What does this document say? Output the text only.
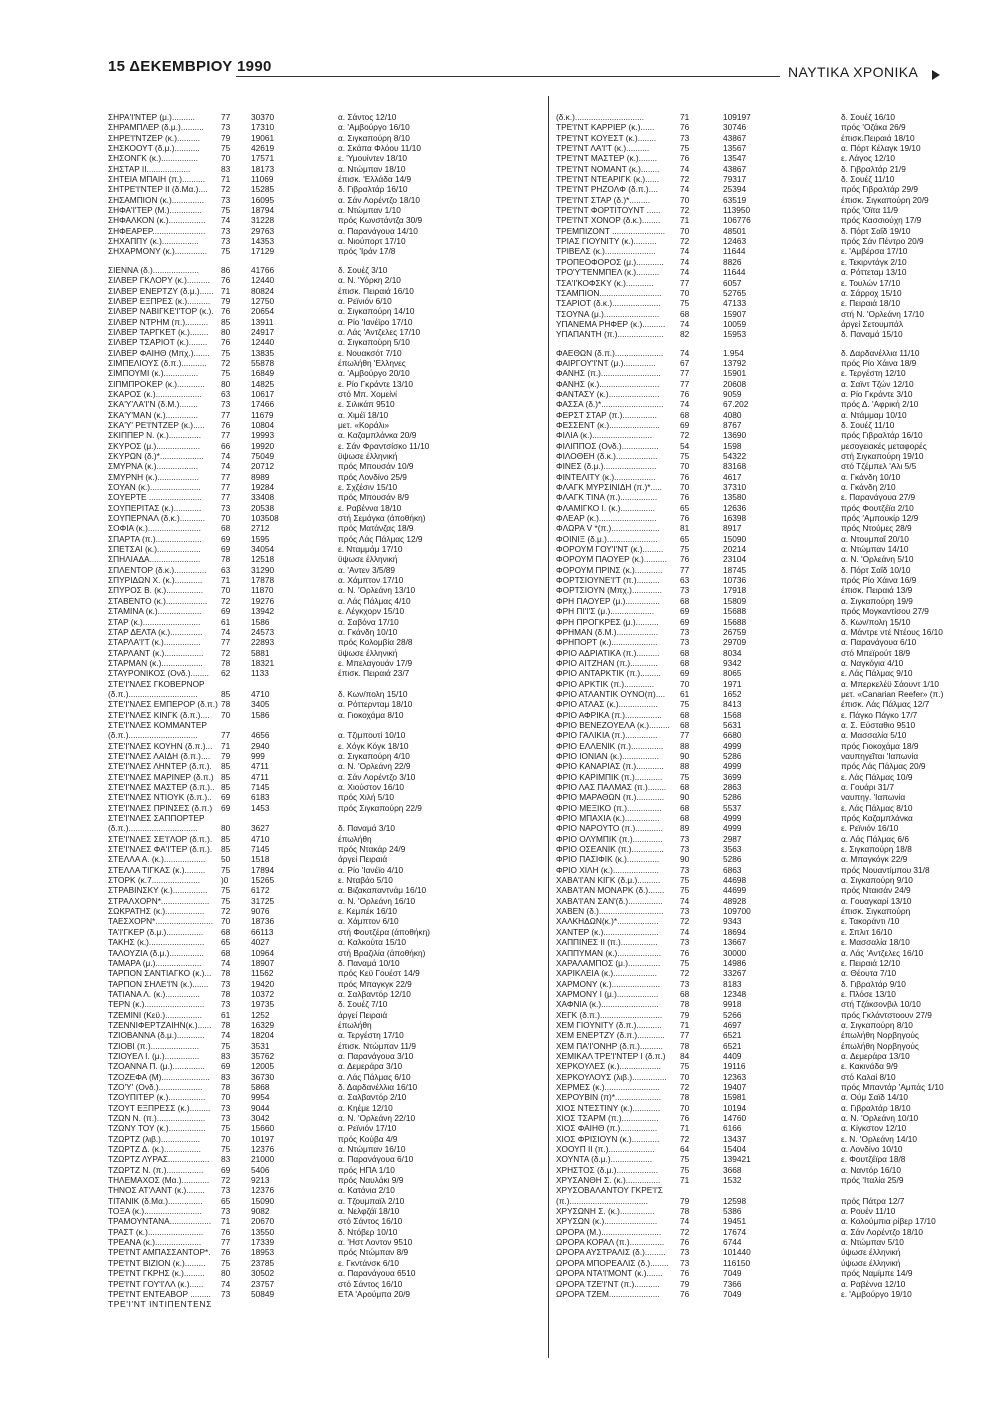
15 ΔΕΚΕΜΒΡΙΟΥ 1990	ΝΑΥΤΙΚΑ ΧΡΟΝΙΚΑ
ΣΗΡΑ'Ι'ΝΤΕΡ (μ.)..........	77	30370	α. Σάντος 12/10
ΣΗΡΑΜΠΛΕΡ (δ.μ.).......... 73	17310	α. 'Αμβούργο 16/10
ΣΗΡΕ'Ι'ΝΤΖΕΡ (κ.)..........	79	19061	α. Σιγκαπούρη 8/10
ΣΗΣΚΟΟΥΤ (δ.μ.)...........	75	42619	α. Σκάπα Φλόου 11/10
ΣΗΣΟΝΓΚ (κ.)................	70	17571	ε. 'Υμουίντεν 18/10
ΣΗΣΤΑΡ ΙΙ...................	83	18173	α. Ντώμπαν 18/10
ΣΗΤΕΙΑ ΜΠΑΙΗ (π.).......... 71	11069	έπισκ. 'Ελλάδα 14/9
ΣΗΤΡΕ'Ι'ΝΤΕΡ ΙΙ (δ.Μα.).... 72	15285	δ. Γιβραλτάρ 16/10
ΣΗΣΑΜΠΙΟΝ (κ.).............. 73	16095	α. Σάν Λορέντζο 18/10
ΣΗΦΑ'Ι'ΤΕΡ (Μ.).............. 75	18794	α. Ντώμπαν 1/10
ΣΗΦΑΛΚΟΝ (κ.)................ 74	31228	πρός Κωνστάντζα 30/9
ΣΗΦΕΑΡΕΡ....................... 73	29763	α. Παρανάγουα 14/10
ΣΗΧΑΠΠΥ (κ.)................	73	14353	α. Νιούπορτ 17/10
ΣΗΧΑΡΜΟΝΥ (κ.).............. 75	17129	πρός 'Ιράν 17/8
ΣΙΕΝΝΑ (δ.)....................	86	41766	δ. Σουέζ 3/10
ΣΙΛΒΕΡ ΓΚΛΟΡΥ (κ.).......... 76	12440	α. Ν. 'Υόρκη 2/10
ΣΙΛΒΕΡ ΕΝΕΡΤΖΥ (δ.μ.)...... 71	80824	έπισκ. Πειραιά 16/10
ΣΙΛΒΕΡ ΕΞΠΡΕΣ (κ.).......... 79	12750	α. Ρεϊνιόν 6/10
ΣΙΛΒΕΡ ΝΑΒΙΓΚΕ'Ι'ΤΟΡ (κ.). 76	20654	α. Σιγκαπούρη 14/10
ΣΙΛΒΕΡ ΝΤΡΗΜ (π.).......... 85	13911	α. Ρίο 'Ιανέϊρο 17/10
ΣΙΛΒΕΡ ΤΑΡΓΚΕΤ (κ.)........ 80	24917	α. Λάς 'Αντζελες 17/10
ΣΙΛΒΕΡ ΤΣΑΡΙΟΤ (κ.)........ 76	12440	α. Σιγκαπούρη 5/10
ΣΙΛΒΕΡ ΦΑΙΗΘ (Μπχ.)....... 75	13835	ε. Νουακσότ 7/10
ΣΙΜΠΕΛΙΟΥΣ (δ.π.)........... 72	55878	έπωλήθη 'Ελληνες
ΣΙΜΠΟΥΜΙ (κ.)...............	75	16849	α. 'Αμβούργο 20/10
ΣΙΠΜΠΡΟΚΕΡ (κ.)............ 80	14825	ε. Ρίο Γκράντε 13/10
ΣΚΑΡΟΣ (κ.).................... 63	10617	στό Μπ. Χομείνί
ΣΚΑ'Υ'ΛΑ'Ι'Ν (δ.Μ.)........	73	17466	ε. Σιλικάπ 9510
ΣΚΑ'Υ'ΜΑΝ (κ.)..............	77	11679	α. Χιμέϊ 18/10
ΣΚΑ'Υ' ΡΕ'Ι'ΝΤΖΕΡ (κ.)..... 76	10804	μετ. «Κοράλι»
ΣΚΙΠΠΕΡ Ν. (κ.).............. 77	19993	α. Καζαμπλάνκα 20/9
ΣΚΥΡΟΣ (μ.)...................	66	19920	ε. Σάν Φραντσίσκο 11/10
ΣΚΥΡΩΝ (δ.)*................... 74	75049	ϋψωσε έλληνική
ΣΜΥΡΝΑ (κ.)..................	74	20712	πρός Μπουσάν 10/9
ΣΜΥΡΝΗ (κ.)..................	77	8989	πρός Λονδίνο 25/9
ΣΟΥΑΝ (κ.)...................... 77	19284	ε. Σχζέσιν 15/10
ΣΟΥΕΡΤΕ ....................... 77	33408	πρός Μπουσάν 8/9
ΣΟΥΠΕΡΙΤΑΣ (κ.)............ 73	20538	ε. Ραβέννα 18/10
ΣΟΥΠΕΡΝΑΛ (δ.κ.)........... 70	103508	στή Σεμάγκα (άποθήκη)
ΣΟΦΙΑ (κ.)....................... 68	2712	πρός Ματάνζας 18/9
ΣΠΑΡΤΑ (π.).................... 69	1595	πρός Λάς Πάλμας 12/9
ΣΠΕΤΣΑΙ (κ.)................... 69	34054	ε. Νταμμάμ 17/10
ΣΠΗΛΙΑΔΑ...................... 78	12518	ϋψωσε έλληνική
ΣΠΛΕΝΤΟΡ (δ.κ.).............. 63	31290	α. 'Αντεν 3/5/89
ΣΠΥΡΙΔΩΝ Χ. (κ.)............ 71	17878	α. Χάμπτον 17/10
ΣΠΥΡΟΣ Β. (κ.)................ 70	11870	α. Ν. 'Ορλεάνη 13/10
ΣΤΑΒΕΝΤΟ (κ.).................. 72	19276	α. Λάς Πάλμας 4/10
ΣΤΑΜΙΝΑ (κ.)................... 69	13942	ε. Λέγκχορν 15/10
ΣΤΑΡ (κ.)......................... 61	1586	α. Σαβόνα 17/10
ΣΤΑΡ ΔΕΛΤΑ (κ.).............. 74	24573	α. Γκάνδη 10/10
ΣΤΑΡΛΑ'Ι'Τ (κ.)................ 77	22893	πρός Κολομβία 28/8
ΣΤΑΡΛΑΝΤ (κ.)................. 72	5881	ϋψωσε έλληνική
ΣΤΑΡΜΑΝ (κ.).................. 78	18321	ε. Μπελαγουάν 17/9
ΣΤΑΥΡΟΝΙΚΟΣ (Ονδ.)........ 62	1133	έπισκ. Πειραιά 23/7
ΣΤΕ'Ι'ΝΛΕΣ ΓΚΟΒΕΡΝΟΡ
(δ.π.)..............................	85	4710	δ. Κων/πολη 15/10
ΣΤΕ'Ι'ΝΛΕΣ ΕΜΠΕΡΟΡ (δ.π.) 78	3405	α. Ρόττερνταμ 18/10
ΣΤΕ'Ι'ΝΛΕΣ ΚΙΝΓΚ (δ.π.).... 70	1586	α. Γιοκοχάμα 8/10
ΣΤΕ'Ι'ΝΛΕΣ ΚΟΜΜΑΝΤΕΡ
(δ.π.)..............................	77	4656	α. Τζιμπουτί 10/10
ΣΤΕ'Ι'ΝΛΕΣ ΚΟΥΗΝ (δ.π.)... 71	2940	ε. Χόγκ Κόγκ 18/10
ΣΤΕ'Ι'ΝΛΕΣ ΛΑΙΔΗ (δ.π.).... 79	999	α. Σιγκαπούρη 4/10
ΣΤΕ'Ι'ΝΛΕΣ ΛΗΝΤΕΡ (δ.π.). 85	4711	α. Ν. 'Ορλεάνη 22/9
ΣΤΕ'Ι'ΝΛΕΣ ΜΑΡΙΝΕΡ (δ.π.) 85	4711	α. Σάν Λορέντζο 3/10
ΣΤΕ'Ι'ΝΛΕΣ ΜΑΣΤΕΡ (δ.π.).. 85	7145	α. Χιούστον 16/10
ΣΤΕ'Ι'ΝΛΕΣ ΝΤΙΟΥΚ (δ.π.).. 69	6183	πρός Χιλή 5/10
ΣΤΕ'Ι'ΝΛΕΣ ΠΡΙΝΣΕΣ (δ.π.) 69	1453	πρός Σιγκαπούρη 22/9
ΣΤΕ'Ι'ΝΛΕΣ ΣΑΠΠΟΡΤΕΡ
(δ.π.)..............................	80	3627	δ. Παναμά 3/10
ΣΤΕ'Ι'ΝΛΕΣ ΣΕ'Ι'ΛΟΡ (δ.π.). 85	4710	έπωλήθη
ΣΤΕ'Ι'ΝΛΕΣ ΦΑ'Ι'ΤΕΡ (δ.π.). 85	7145	πρός Ντακάρ 24/9
ΣΤΕΛΛΑ Α. (κ.).................. 50	1518	άργεί Πειραιά
ΣΤΕΛΛΑ ΤΙΓΚΑΣ (κ.)......... 75	17894	α. Ρίο 'Ιανέϊο 4/10
ΣΤΟΡΚ (κ.7.....................	)0	15265	ε. Νταβάο 5/10
ΣΤΡΑΒΙΝΣΚΥ (κ.)............... 75	6172	α. Βιζακαπαντνάμ 16/10
ΣΤΡΑΛΧΟΡΝ*..................... 75	31725	α. Ν. 'Ορλεάνη 16/10
ΣΩΚΡΑΤΗΣ (κ.)................. 72	9076	ε. Κεμπέκ 16/10
ΤΑΕΣΧΟΡΝ*......................... 70	18736	α. Χάμπτον 6/10
ΤΑ'Ι'ΓΚΕΡ (δ.μ.)................ 68	66113	στή Φουτζέρα (άποθήκη)
ΤΑΚΗΣ (κ.)........................ 65	4027	α. Καλκούτα 15/10
ΤΑΛΟΥΖΙΑ (δ.μ.)............... 68	10964	στή Βραζιλία (άποθήκη)
ΤΑΜΑΡΑ (μ.).................... 74	18907	δ. Παναμά 10/10
ΤΑΡΠΟΝ ΣΑΝΤΙΑΓΚΟ (κ.)... 78	11562	πρός Κεϋ Γουέστ 14/9
ΤΑΡΠΟΝ ΣΗΛΕ'Ι'Ν (κ.)....... 73	19420	πρός Μπαγκγκ 22/9
ΤΑΤΙΑΝΑ Λ. (κ.)...............	78	10372	α. Σαλβαντόρ 12/10
ΤΕΡΝ (κ.).......................... 73	19735	δ. Σουέζ 7/10
ΤΖΕΜΙΝΙ (Κεϋ.)................ 61	1252	άργεί Πειραιά
ΤΖΕΝΝΙΦΕΡΤΖΑΙΗΝ(κ.)...... 78	16329	έπωλήθη
ΤΖΙΟΒΑΝΝΑ (δ.μ.)............ 74	18204	α. Τεργέστη 17/10
ΤΖΙΟΒΙ (π.).....................	75	3531	έπισκ. Ντώμπαν 11/9
ΤΖΙΟΥΕΛ Ι. (μ.)...............	83	35762	α. Παρανάγουα 3/10
ΤΖΟΑΝΝΑ Π. (μ.).............. 69	12005	α. Δεμεράρα 3/10
ΤΖΟΖΕΦΑ (Μ)..................... 83	36730	α. Λάς Πάλμας 6/10
ΤΖΟ'Υ' (Ονδ.)................... 78	5868	δ. Δαρδανέλλια 16/10
ΤΖΟΥΠΙΤΕΡ (κ.)................ 70	9954	α. Σαλβαντόρ 2/10
ΤΖΟΥΤ ΕΞΠΡΕΣΣ (κ.)......... 73	9044	α. Κηέμε 12/10
ΤΖΩΝ Ν. (π.)..................... 73	3042	α. Ν. 'Ορλεάνη 22/10
ΤΖΩΝΥ ΤΟΥ (κ.)................ 75	15660	α. Ρεϊνιόν 17/10
ΤΖΩΡΤΖ (λιβ.).................	70	10197	πρός Κούβα 4/9
ΤΖΩΡΤΖ Δ. (κ.)................ 75	12376	α. Ντώμπαν 16/10
ΤΖΩΡΤΖ ΛΥΡΑΣ.................. 83	21000	α. Παρανάγουα 6/10
ΤΖΩΡΤΖ Ν. (π.)................ 69	5406	πρός ΗΠΑ 1/10
ΤΗΛΕΜΑΧΟΣ (Μα.)............ 72	9213	πρός Ναυλάκι 9/9
ΤΗΝΟΣ ΑΤ'ΛΑΝΤ (κ.)........ 73	12376	α. Κατάνια 2/10
ΤΙΤΑΝΙΚ (δ.Μα.)............... 65	15090	α. Τζουμπαϊλ 2/10
ΤΟΞΑ (κ.)......................... 73	9082	α. Νελφζάϊ 18/10
ΤΡΑΜΟΥΝΤΑΝΑ.................. 71	20670	στό Σάντος 16/10
ΤΡΑΣΤ (κ.)........................ 76	13550	δ. Ντόβερ 10/10
ΤΡΕΑΝΑ (κ.).................... 77	17339	α. 'Ηστ Λοντον 9510
ΤΡΕ'Ι'ΝΤ ΑΜΠΑΣΣΑΝΤΟΡ*. 76	18953	πρός Ντώμπαν 8/9
ΤΡΕ'Ι'ΝΤ ΒΙΖΙΟΝ (κ.)......... 75	23785	ε. Γκντάνσκ 6/10
ΤΡΕ'Ι'ΝΤ ΓΚΡΗΣ (κ.)......... 80	30502	α. Παρανάγουα 6510
ΤΡΕ'Ι'ΝΤ ΓΟΥ'Ι'ΛΛ (κ.)...... 74	23757	στό Σάντος 16/10
ΤΡΕ'Ι'ΝΤ ΕΝΤΕΑΒΟΡ ......... 73	50849	ΕΤΑ 'Αρούμπα 20/9
ΤΡΕ'Ι'ΝΤ ΙΝΤΙΠΕΝΤΕΝΣ
(δ.κ.)..............................	71	109197	δ. Σουέζ 16/10
ΤΡΕ'Ι'ΝΤ ΚΑΡΡΙΕΡ (κ.)......	76	30746	πρός 'Οζάκα 26/9
ΤΡΕ'Ι'ΝΤ ΚΟΥΕΣΤ (κ.)........	73	43867	έπισκ.Πειραιά 18/10
ΤΡΕ'Ι'ΝΤ ΛΑ'Ι'Τ (κ.)..........	75	13567	α. Πόρτ Κέλαγκ 19/10
ΤΡΕ'Ι'ΝΤ ΜΑΣΤΕΡ (κ.)........	76	13547	ε. Λάγος 12/10
ΤΡΕ'Ι'ΝΤ ΝΟΜΑΝΤ (κ.)........ 74	43867	δ. Γιβραλτάρ 21/9
ΤΡΕ'Ι'ΝΤ ΝΤΕΑΡΙΓΚ (κ.)......	72	79317	δ. Σουέζ 11/10
ΤΡΕ'Ι'ΝΤ ΡΗΖΟΛΦ (δ.π.)....	74	25394	πρός Γιβραλτάρ 29/9
ΤΡΕ'Ι'ΝΤ ΣΤΑΡ (δ.)*.........	70	63519	έπισκ. Σιγκαπούρη 20/9
ΤΡΕ'Ι'ΝΤ ΦΟΡΤΙΤΟΥΝΤ ...... 72	113950	πρός 'Οϊτα 11/9
ΤΡΕ'Ι'ΝΤ ΧΟΝΟΡ (δ.κ.)........ 71	106776	πρός Κασσιούχη 17/9
ΤΡΕΜΠΙΖΟΝΤ ....................... 70	48501	δ. Πόρτ Σαΐδ 19/10
ΤΡΙΑΣ ΓΙΟΥΝΙΤΥ (κ.)..........	72	12463	πρός Σάν Πέντρο 20/9
ΤΡΙΒΕΛΣ (κ.)......................	74	11644	ε. 'Αμβέρσα 17/10
ΤΡΟΠΕΟΦΟΡΟΣ (μ.)............ 74	8826	ε. Τεκιρντάγκ 2/10
ΤΡΟ'Υ'ΤΕΝΜΠΕΛ (κ.)..........	74	11644	α. Ρόττεταμ 13/10
ΤΣΑ'Ι'ΚΟΦΣΚΥ (κ.)............	77	6057	ε. Τουλών 17/10
ΤΣΑΜΠΙΟΝ........................... 70	52765	α. Σάρροχ 15/10
ΤΣΑΡΙΟΤ (δ.κ.)..................... 75	47133	ε. Πειραιά 18/10
ΤΣΟΥΝΑ (μ.)........................	68	15907	στή Ν. 'Ορλεάνη 17/10
ΥΠΑΝΕΜΑ ΡΗΦΕΡ (κ.).......... 74	10059	άργεί Σετουμπάλ
ΥΠΑΠΑΝΤΗ (π.).................... 82	15953	δ. Παναμά 15/10
ΦΑΕΘΩΝ (δ.π.)..................... 74	1.954	δ. Δαρδανέλλια 11/10
ΦΑΙΡΓΟΥ'Ι'ΝΤ (μ.)..............	67	13792	πρός Ρίο Χάινα 18/9
ΦΑΝΗΣ (π.).......................... 77	15901	ε. Τεργέστη 12/10
ΦΑΝΗΣ (κ.)..........................	77	20608	α. Σαϊντ Τζών 12/10
ΦΑΝΤΑΣΥ (κ.)...................... 76	9059	α. Ρίο Γκράντε 3/10
ΦΑΣΣΑ (δ.)*........................... 74	67.202	πρός Δ. 'Αφρική 2/10
ΦΕΡΣΤ ΣΤΑΡ (π.)...............	68	4080	α. Ντάμμαμ 10/10
ΦΕΣΣΕΝΤ (κ.)...................... 69	8767	δ. Σουέζ 11/10
ΦΙΛΙΑ (κ.)..........................	72	13690	πρός Γιβραλτάρ 16/10
ΦΙΛΙΠΠΟΣ (Ονδ.)................	54	1598	μεσογειακές μεταφορές
ΦΙΛΟΘΕΗ (δ.κ.)..................	75	54322	στή Σιγκαπούρη 19/10
ΦΙΝΕΣ (δ.μ.).......................	70	83168	στό Τζέμπελ 'Αλι 5/5
ΦΙΝΤΕΛΙΤΥ (κ.)..................	76	4617	α. Γκάνδη 10/10
ΦΛΑΓΚ ΜΥΡΣΙΝΙΔΗ (π.)*..... 70	37310	α. Γκάνδη 2/10
ΦΛΑΓΚ ΤΙΝΑ (π.)................	76	13580	ε. Παρανάγουα 27/9
ΦΛΑΜΙΓΚΟ Ι. (κ.)...............	65	12636	πρός Φουτζέϊα 2/10
ΦΛΕΑΡ (κ.).........................	76	16398	πρός 'Αμπουκίρ 12/9
ΦΛΩΡΑ V *(π.)..................... 81	8917	πρός Ντούμες 28/9
ΦΟΙΝΙΞ (δ.μ.)......................	65	15090	α. Ντουμπαΐ 20/10
ΦΟΡΟΥΜ ΓΟΥ'Ι'ΝΤ (κ.)......... 75	20214	α. Ντώμπαν 14/10
ΦΟΡΟΥΜ ΠΑΟΥΕΡ (κ.).......... 76	23104	α. Ν. 'Ορλεάνη 5/10
ΦΟΡΟΥΜ ΠΡΙΝΣ (κ.)............ 77	18745	δ. Πόρτ Σαΐδ 10/10
ΦΟΡΤΣΙΟΥΝΕ'Ι'Τ (π.).......... 63	10736	πρός Ρίο Χάινα 16/9
ΦΟΡΤΣΙΟΥΝ (Μπχ.)............. 73	17918	έπισκ. Πειραιά 13/9
ΦΡΗ ΠΑΟΥΕΡ (μ.)............... 68	15809	α. Σιγκαπούρη 19/9
ΦΡΗ ΠΙ'Ι'Σ (μ.)...................	69	15688	πρός Μογκαντίσου 27/9
ΦΡΗ ΠΡΟΓΚΡΕΣ (μ.)..........	69	15688	δ. Κων/πολη 15/10
ΦΡΗΜΑΝ (δ.Μ.)..................	73	26759	α. Μάντρε ντέ Ντέους 16/10
ΦΡΗΠΟΡΤ (κ.)....................	73	29709	α. Παρανάγουα 6/10
ΦΡΙΟ ΑΔΡΙΑΤΙΚΑ (π.).......... 68	8034	στό Μπεϊρούτ 18/9
ΦΡΙΟ ΑΙΤΖΗΑΝ (π.)............	68	9342	α. Ναγκόγια 4/10
ΦΡΙΟ ΑΝΤΑΡΚΤΙΚ (π.)......... 69	8065	ε. Λάς Πάλμας 9/10
ΦΡΙΟ ΑΡΚΤΙΚ (π.).............	70	1971	α. Μπερκελέϋ Σάουντ 1/10
ΦΡΙΟ ΑΤΛΑΝΤΙΚ ΟΥΝΟ(π).... 61	1652	μετ. «Canarian Reefer» (π.)
ΦΡΙΟ ΑΤΛΑΣ (κ.).................	75	8413	έπισκ. Λάς Πάλμας 12/7
ΦΡΙΟ ΑΦΡΙΚΑ (π.)................ 68	1568	ε. Πάγκο Πάγκο 17/7
ΦΡΙΟ ΒΕΝΕΖΟΥΕΛΑ (κ.)......... 68	5631	α. Σ. Εύσταθιο 9510
ΦΡΙΟ ΓΑΛΙΚΙΑ (π.)..............	77	6680	α. Μασσαλία 5/10
ΦΡΙΟ ΕΛΛΕΝΙΚ (π.).............. 88	4999	πρός Γιοκοχάμα 18/9
ΦΡΙΟ ΙΟΝΙΑΝ (κ.)................	90	5286	ναυπηγεῖται 'Ιαπωνία
ΦΡΙΟ ΚΑΝΑΡΙΑΣ (π.)............ 88	4999	πρός Λάς Πάλμας 20/9
ΦΡΙΟ ΚΑΡΙΜΠΙΚ (π.)............ 75	3699	ε. Λάς Πάλμας 10/9
ΦΡΙΟ ΛΑΣ ΠΑΛΜΑΣ (π.)........ 68	2863	α. Γουάρι 31/7
ΦΡΙΟ ΜΑΡΑΘΩΝ (π.)............ 90	5286	ναυπηγ. 'Ιαπωνία
ΦΡΙΟ ΜΕΞΙΚΟ (π.)............... 68	5537	ε. Λάς Πάλμας 8/10
ΦΡΙΟ ΜΠΑΧΙΑ (κ.)............... 68	4999	πρός Καζαμπλάνκα
ΦΡΙΟ ΝΑΡΟΥΤΟ (π.)............ 89	4999	ε. Ρεϊνιόν 16/10
ΦΡΙΟ ΟΛΥΜΠΙΚ (π.)............. 73	2987	α. Λάς Πάλμας 6/6
ΦΡΙΟ ΟΣΕΑΝΙΚ (π.).............. 73	3563	ε. Σιγκαπούρη 18/8
ΦΡΙΟ ΠΑΣΙΦΙΚ (κ.)..............	90	5286	α. Μπαγκόγκ 22/9
ΦΡΙΟ ΧΙΛΗ (κ.)....................	73	6863	πρός Νουαντίμπου 31/8
ΧΑΒΑ'Ι'ΑΝ ΚΙΓΚ (δ.μ.).......... 75	44698	α. Σιγκαπούρη 9/10
ΧΑΒΑ'Ι'ΑΝ ΜΟΝΑΡΚ (δ.)....... 75	44699	πρός Νταισάν 24/9
ΧΑΒΑ'Ι'ΑΝ ΣΑΝ'(δ.)............... 74	48928	α. Γουαγκαρί 13/10
ΧΑΒΕΝ (δ.)............................ 73	109700	έπισκ. Σιγκαπούρη
ΧΑΛΚΗΔΩΝ(κ.)*..................	72	9343	ε. Τακοράντι /10
ΧΑΝΤΕΡ (κ.)........................	74	18694	ε. Σπλιτ 16/10
ΧΑΠΠΙΝΕΣ ΙΙ (π.)................	73	13667	ε. Μασσαλία 18/10
ΧΑΠΠΥΜΑΝ (κ.)................... 76	30000	α. Λάς 'Αντζελες 16/10
ΧΑΡΑΛΑΜΠΟΣ (μ.).............. 75	14986	ε. Πειραιά 12/10
ΧΑΡΙΚΛΕΙΑ (κ.)...................	72	33267	α. Θέουτα 7/10
ΧΑΡΜΟΝΥ (κ.)..................... 73	8183	δ. Γιβραλτάρ 9/10
ΧΑΡΜΟΝΥ Ι (μ.)..................	68	12348	ε. Πλόσε 13/10
ΧΑΦΝΙΑ (κ.).........................	78	9918	στή Τζάκσονβιλ 10/10
ΧΕΓΚ (δ.π.)........................... 79	5266	πρός Γκλάντστοουν 27/9
ΧΕΜ ΓΙΟΥΝΙΤΥ (δ.π.)........... 71	4697	α. Σιγκαπούρη 8/10
ΧΕΜ ΕΝΕΡΤΖΥ (δ.π.)............ 77	6521	έπωλήθη Νορβηγούς
ΧΕΜ ΠΑ'Ι'ΟΝΗΡ (δ.π.).......... 78	6521	έπωλήθη Νορβηγούς
ΧΕΜΙΚΑΛ ΤΡΕ'Ι'ΝΤΕΡ Ι (δ.π.) 84	4409	α. Δεμεράρα 13/10
ΧΕΡΚΟΥΛΕΣ (κ.).................. 75	19116	ε. Κακινάδα 9/9
ΧΕΡΚΟΥΛΟΥΣ (λιβ.)............... 70	12363	στό Καλαί 8/10
ΧΕΡΜΕΣ (κ.)........................ 72	19407	πρός Μπαντάρ 'Αμπάς 1/10
ΧΕΡΟΥΒΙΝ (π)*.................... 78	15981	α. Ούμ Σαϊδ 14/10
ΧΙΟΣ ΝΤΕΣΤΙΝΥ (κ.)............ 70	10194	α. Γιβραλτάρ 18/10
ΧΙΟΣ ΤΣΑΡΜ (π.)................	76	14760	α. Ν. 'Ορλεάνη 10/10
ΧΙΟΣ ΦΑΙΗΘ (π.)................	71	6166	α. Κίγκστον 12/10
ΧΙΟΣ ΦΡΙΣΙΟΥΝ (κ.)............ 72	13437	ε. Ν. 'Ορλεάνη 14/10
ΧΟΟΥΠ ΙΙ (π.)....................	64	15404	α. Λονδίνο 10/10
ΧΟΥΝΤΑ (δ.μ.)..................	75	139421	ε. Φουτζέϊρα 18/8
ΧΡΗΣΤΟΣ (δ.μ.)..................	75	3668	α. Ναντόρ 16/10
ΧΡΥΣΑΝΘΗ Σ. (κ.)............... 71	1532	πρός 'Ιταλία 25/9
ΧΡΥΣΟΒΑΛΑΝΤΟΥ ΓΚΡΕ'Ι'Σ
(π.)..................................	79	12598	πρός Πάτρα 12/7
ΧΡΥΣΩΝΗ Σ. (κ.)...............	78	5386	α. Ρουέν 11/10
ΧΡΥΣΩΝ (κ.).......................	74	19451	α. Κολούμπια ρίβερ 17/10
ΩΡΟΡΑ (Μ.).......................... 72	17674	α. Σάν Λορέντζο 18/10
ΩΡΟΡΑ ΚΟΡΑΛ (π.)............... 76	6744	α. Ντώμπαν 5/10
ΩΡΟΡΑ ΑΥΣΤΡΑΛΙΣ (δ.)......... 73	101440	ύψωσε έλληνική
ΩΡΟΡΑ ΜΠΟΡΕΑΛΙΣ (δ.)........ 73	116150	ύψωσε έλληνική
ΩΡΟΡΑ ΝΤΑ'Ι'ΜΟΝΤ (κ.)....... 76	7049	πρός Ναμίμπε 14/9
ΩΡΟΡΑ ΤΖΕ'Ι'ΝΤ (π.)........... 79	7366	α. Ραβέννα 12/10
ΩΡΟΡΑ ΤΖΕΜ...................... 76	7049	ε. 'Αμβούργο 19/10
